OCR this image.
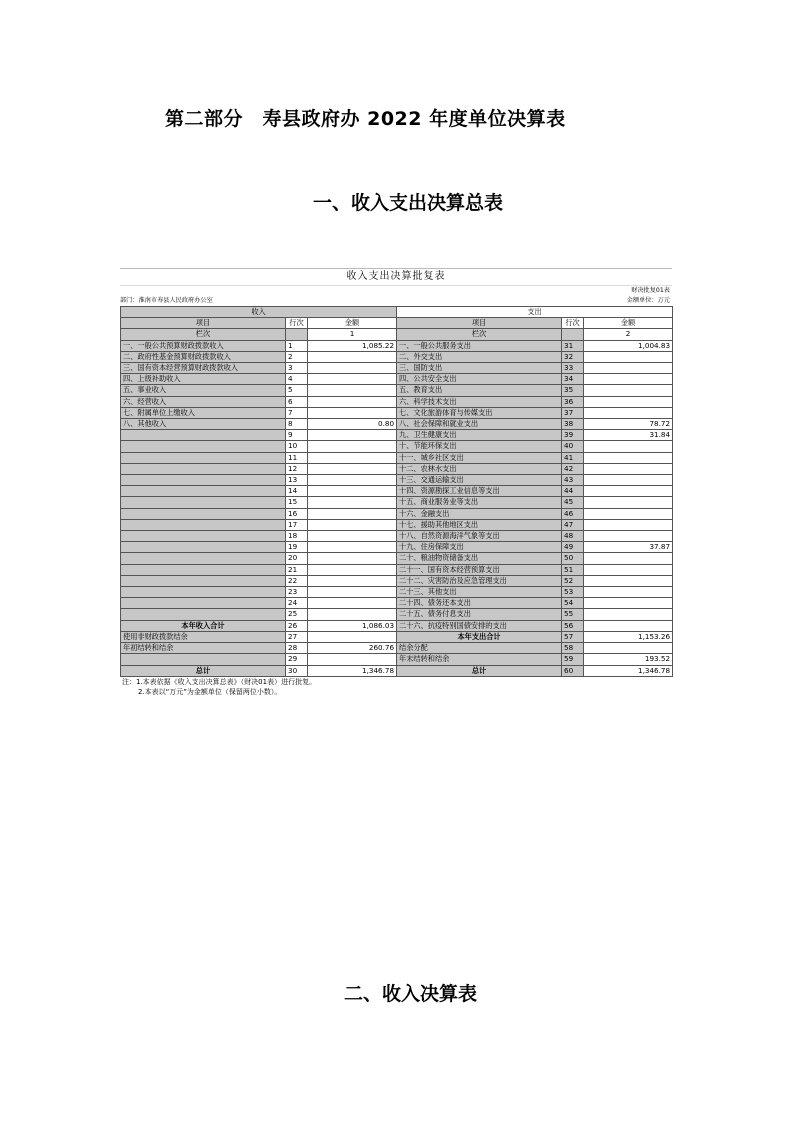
第二部分　寿县政府办 2022 年度单位决算表
一、收入支出决算总表
收入支出决算批复表
财决批复01表
部门：淮南市寿县人民政府办公室	金额单位：万元
收入			支出		
项目	行次	金额	项目	行次	金额
栏次		1	栏次		2
一、一般公共预算财政拨款收入	1	1,085.22	一、一般公共服务支出	31	1,004.83
二、政府性基金预算财政拨款收入	2		二、外交支出	32	
三、国有资本经营预算财政拨款收入	3		三、国防支出	33	
四、上级补助收入	4		四、公共安全支出	34	
五、事业收入	5		五、教育支出	35	
六、经营收入	6		六、科学技术支出	36	
七、附属单位上缴收入	7		七、文化旅游体育与传媒支出	37	
八、其他收入	8	0.80	八、社会保障和就业支出	38	78.72
	9		九、卫生健康支出	39	31.84
	10		十、节能环保支出	40	
	11		十一、城乡社区支出	41	
	12		十二、农林水支出	42	
	13		十三、交通运输支出	43	
	14		十四、资源勘探工业信息等支出	44	
	15		十五、商业服务业等支出	45	
	16		十六、金融支出	46	
	17		十七、援助其他地区支出	47	
	18		十八、自然资源海洋气象等支出	48	
	19		十九、住房保障支出	49	37.87
	20		二十、粮油物资储备支出	50	
	21		二十一、国有资本经营预算支出	51	
	22		二十二、灾害防治及应急管理支出	52	
	23		二十三、其他支出	53	
	24		二十四、债务还本支出	54	
	25		二十五、债务付息支出	55	
本年收入合计	26	1,086.03	二十六、抗疫特别国债安排的支出	56	
使用非财政拨款结余	27		本年支出合计	57	1,153.26
年初结转和结余	28	260.76	结余分配	58	
	29		年末结转和结余	59	193.52
总计	30	1,346.78	总计	60	1,346.78
注：1.本表依据《收入支出决算总表》（财决01表）进行批复。
2.本表以“万元”为金额单位（保留两位小数）。
二、收入决算表
